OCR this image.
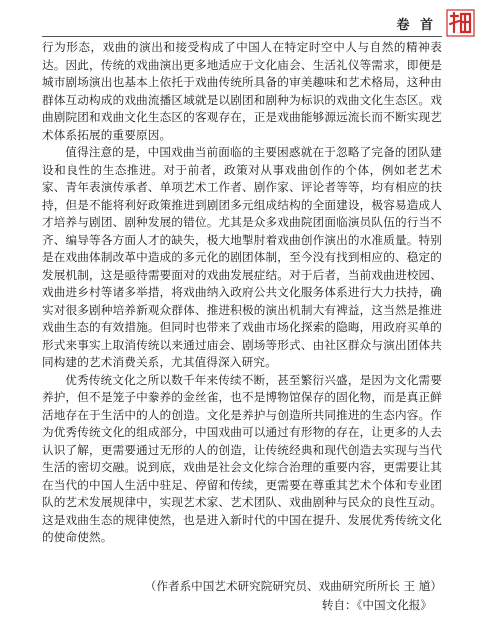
卷 首

行为形态，戏曲的演出和接受构成了中国人在特定时空中人与自然的精神表达。因此，传统的戏曲演出更多地适应于文化庙会、生活礼仪等需求，即便是城市剧场演出也基本上依托于戏曲传统所具备的审美趣味和艺术格局，这种由群体互动构成的戏曲流播区域就是以剧团和剧种为标识的戏曲文化生态区。戏曲剧院团和戏曲文化生态区的客观存在，正是戏曲能够源远流长而不断实现艺术体系拓展的重要原因。

值得注意的是，中国戏曲当前面临的主要困惑就在于忽略了完备的团队建设和良性的生态推进。对于前者，政策对从事戏曲创作的个体，例如老艺术家、青年表演传承者、单项艺术工作者、剧作家、评论者等等，均有相应的扶持，但是不能将利好政策推进到剧团多元组成结构的全面建设，极容易造成人才培养与剧团、剧种发展的错位。尤其是众多戏曲院团面临演员队伍的行当不齐、编导等各方面人才的缺失，极大地掣肘着戏曲创作演出的水准质量。特别是在戏曲体制改革中造成的多元化的剧团体制，至今没有找到相应的、稳定的发展机制，这是亟待需要面对的戏曲发展症结。对于后者，当前戏曲进校园、戏曲进乡村等诸多举措，将戏曲纳入政府公共文化服务体系进行大力扶持，确实对很多剧种培养新观众群体、推进积极的演出机制大有裨益，这当然是推进戏曲生态的有效措施。但同时也带来了戏曲市场化探索的隐晦，用政府买单的形式来事实上取消传统以来通过庙会、剧场等形式、由社区群众与演出团体共同构建的艺术消费关系，尤其值得深入研究。

优秀传统文化之所以数千年来传续不断，甚至繁衍兴盛，是因为文化需要养护，但不是笼子中豢养的金丝雀，也不是博物馆保存的固化物，而是真正鲜活地存在于生活中的人的创造。文化是养护与创造所共同推进的生态内容。作为优秀传统文化的组成部分，中国戏曲可以通过有形物的存在，让更多的人去认识了解，更需要通过无形的人的创造，让传统经典和现代创造去实现与当代生活的密切交融。说到底，戏曲是社会文化综合治理的重要内容，更需要让其在当代的中国人生活中驻足、停留和传续，更需要在尊重其艺术个体和专业团队的艺术发展规律中，实现艺术家、艺术团队、戏曲剧种与民众的良性互动。这是戏曲生态的规律使然，也是进入新时代的中国在提升、发展优秀传统文化的使命使然。

（作者系中国艺术研究院研究员、戏曲研究所所长 王 馗）
转自：《中国文化报》
